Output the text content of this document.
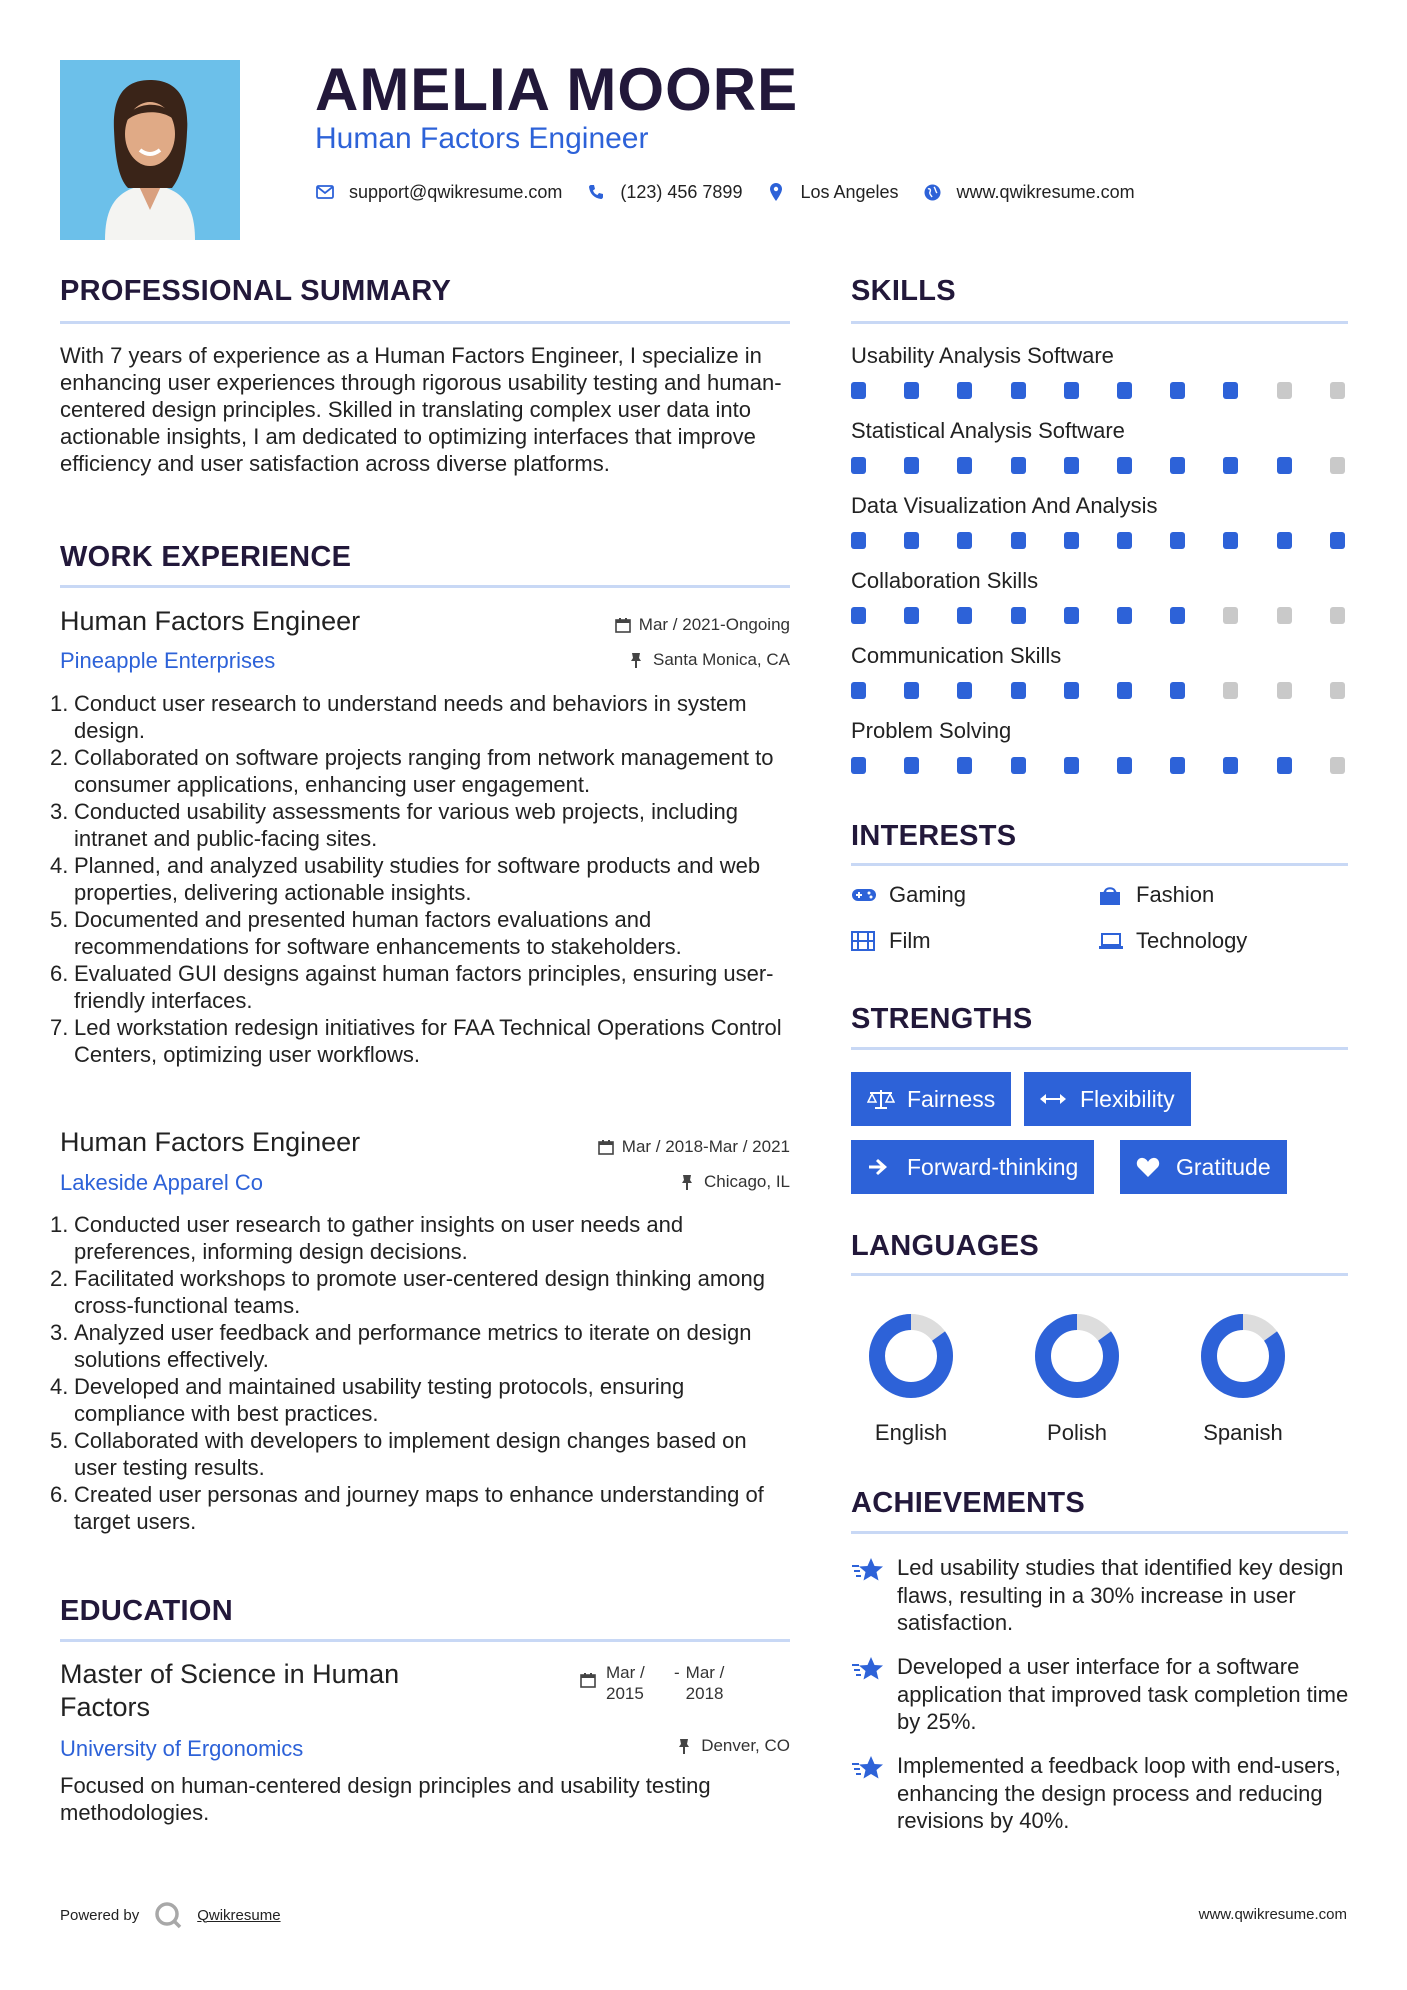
AMELIA MOORE
Human Factors Engineer
support@qwikresume.com	(123) 456 7899	Los Angeles	www.qwikresume.com
PROFESSIONAL SUMMARY
With 7 years of experience as a Human Factors Engineer, I specialize in enhancing user experiences through rigorous usability testing and human-centered design principles. Skilled in translating complex user data into actionable insights, I am dedicated to optimizing interfaces that improve efficiency and user satisfaction across diverse platforms.
WORK EXPERIENCE
Human Factors Engineer	Mar / 2021-Ongoing
Pineapple Enterprises	Santa Monica, CA
1. Conduct user research to understand needs and behaviors in system design.
2. Collaborated on software projects ranging from network management to consumer applications, enhancing user engagement.
3. Conducted usability assessments for various web projects, including intranet and public-facing sites.
4. Planned, and analyzed usability studies for software products and web properties, delivering actionable insights.
5. Documented and presented human factors evaluations and recommendations for software enhancements to stakeholders.
6. Evaluated GUI designs against human factors principles, ensuring user-friendly interfaces.
7. Led workstation redesign initiatives for FAA Technical Operations Control Centers, optimizing user workflows.
Human Factors Engineer	Mar / 2018-Mar / 2021
Lakeside Apparel Co	Chicago, IL
1. Conducted user research to gather insights on user needs and preferences, informing design decisions.
2. Facilitated workshops to promote user-centered design thinking among cross-functional teams.
3. Analyzed user feedback and performance metrics to iterate on design solutions effectively.
4. Developed and maintained usability testing protocols, ensuring compliance with best practices.
5. Collaborated with developers to implement design changes based on user testing results.
6. Created user personas and journey maps to enhance understanding of target users.
EDUCATION
Master of Science in Human Factors
Mar / 2015
- Mar / 2018
University of Ergonomics	Denver, CO
Focused on human-centered design principles and usability testing methodologies.
SKILLS
Usability Analysis Software
Statistical Analysis Software
Data Visualization And Analysis
Collaboration Skills
Communication Skills
Problem Solving
INTERESTS
Gaming	Fashion
Film	Technology
STRENGTHS
Fairness	Flexibility
Forward-thinking	Gratitude
LANGUAGES
English	Polish	Spanish
ACHIEVEMENTS
Led usability studies that identified key design flaws, resulting in a 30% increase in user satisfaction.
Developed a user interface for a software application that improved task completion time by 25%.
Implemented a feedback loop with end-users, enhancing the design process and reducing revisions by 40%.
Powered by	Qwikresume	www.qwikresume.com
